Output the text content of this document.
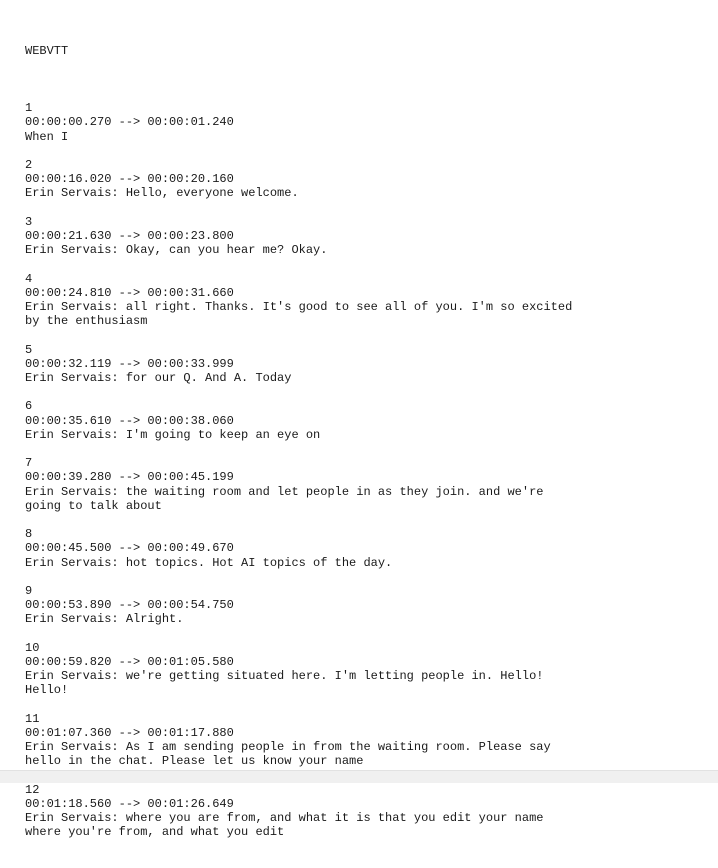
WEBVTT

1
00:00:00.270 --> 00:00:01.240
When I
2
00:00:16.020 --> 00:00:20.160
Erin Servais: Hello, everyone welcome.
3
00:00:21.630 --> 00:00:23.800
Erin Servais: Okay, can you hear me? Okay.
4
00:00:24.810 --> 00:00:31.660
Erin Servais: all right. Thanks. It's good to see all of you. I'm so excited
by the enthusiasm
5
00:00:32.119 --> 00:00:33.999
Erin Servais: for our Q. And A. Today
6
00:00:35.610 --> 00:00:38.060
Erin Servais: I'm going to keep an eye on
7
00:00:39.280 --> 00:00:45.199
Erin Servais: the waiting room and let people in as they join. and we're
going to talk about
8
00:00:45.500 --> 00:00:49.670
Erin Servais: hot topics. Hot AI topics of the day.
9
00:00:53.890 --> 00:00:54.750
Erin Servais: Alright.
10
00:00:59.820 --> 00:01:05.580
Erin Servais: we're getting situated here. I'm letting people in. Hello!
Hello!
11
00:01:07.360 --> 00:01:17.880
Erin Servais: As I am sending people in from the waiting room. Please say
hello in the chat. Please let us know your name
12
00:01:18.560 --> 00:01:26.649
Erin Servais: where you are from, and what it is that you edit your name
where you're from, and what you edit
